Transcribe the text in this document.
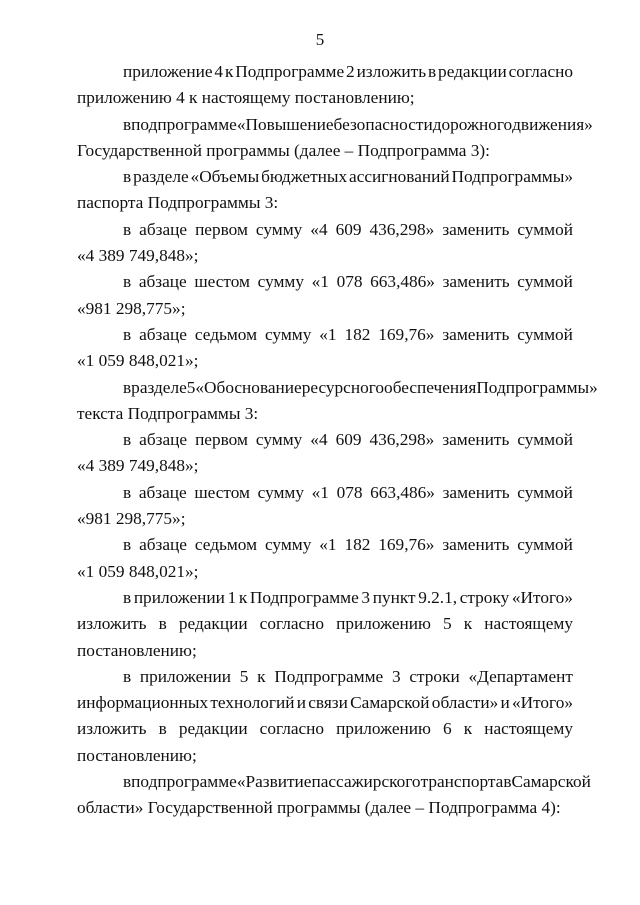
5
приложение 4 к Подпрограмме 2 изложить в редакции согласно
приложению 4 к настоящему постановлению;
в подпрограмме «Повышение безопасности дорожного движения»
Государственной программы (далее – Подпрограмма 3):
в разделе «Объемы бюджетных ассигнований Подпрограммы»
паспорта Подпрограммы 3:
в абзаце первом сумму «4 609 436,298» заменить суммой
«4 389 749,848»;
в абзаце шестом сумму «1 078 663,486» заменить суммой
«981 298,775»;
в абзаце седьмом сумму «1 182 169,76» заменить суммой
«1 059 848,021»;
в разделе 5 «Обоснование ресурсного обеспечения Подпрограммы»
текста Подпрограммы 3:
в абзаце первом сумму «4 609 436,298» заменить суммой
«4 389 749,848»;
в абзаце шестом сумму «1 078 663,486» заменить суммой
«981 298,775»;
в абзаце седьмом сумму «1 182 169,76» заменить суммой
«1 059 848,021»;
в приложении 1 к Подпрограмме 3 пункт 9.2.1, строку «Итого»
изложить в редакции согласно приложению 5 к настоящему
постановлению;
в приложении 5 к Подпрограмме 3 строки «Департамент
информационных технологий и связи Самарской области» и «Итого»
изложить в редакции согласно приложению 6 к настоящему
постановлению;
в подпрограмме «Развитие пассажирского транспорта в Самарской
области» Государственной программы (далее – Подпрограмма 4):
